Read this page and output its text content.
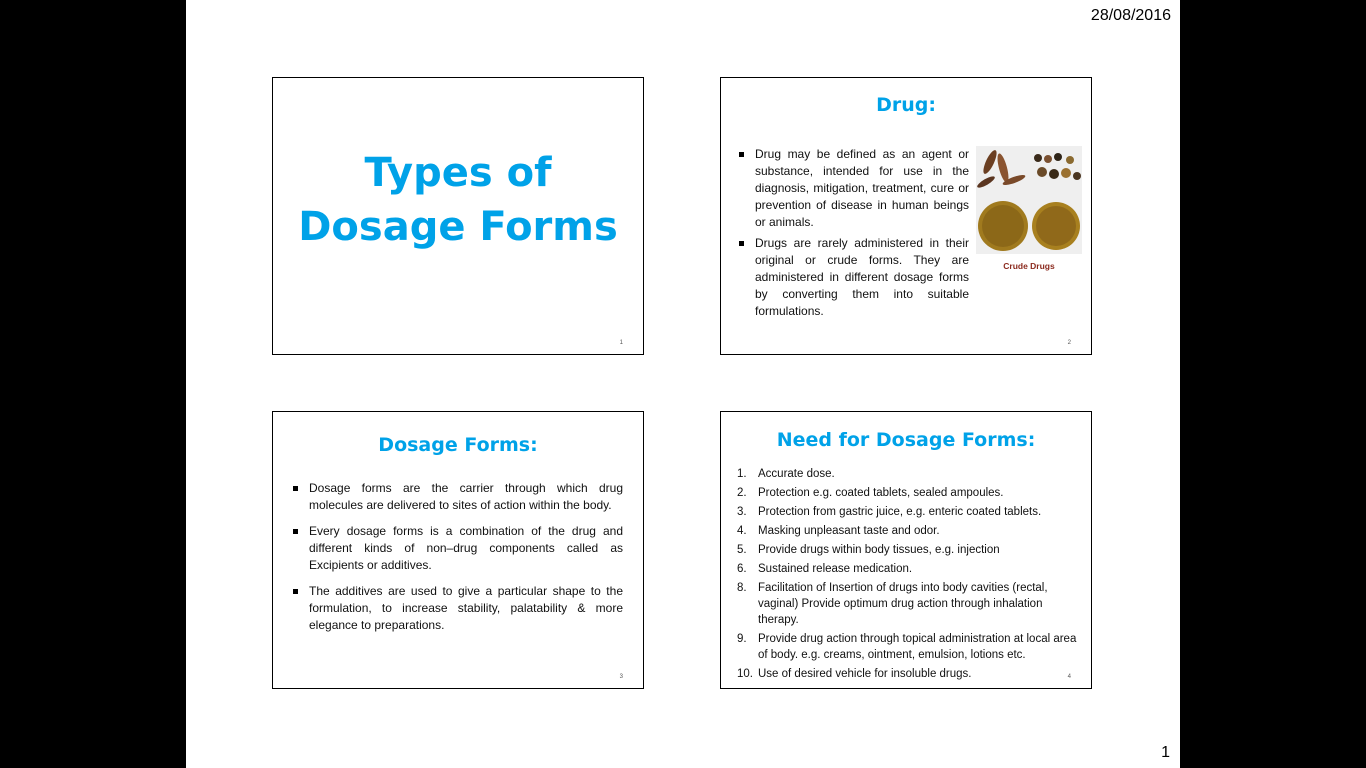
28/08/2016
Types of
Dosage Forms
1
Drug:
Drug may be defined as an agent or substance, intended for use in the diagnosis, mitigation, treatment, cure or prevention of disease in human beings or animals.
Drugs are rarely administered in their original or crude forms. They are administered in different dosage forms by converting them into suitable formulations.
Crude Drugs
2
Dosage Forms:
Dosage forms are the carrier through which drug molecules are delivered to sites of action within the body.
Every dosage forms is a combination of the drug and different kinds of non–drug components called as Excipients or additives.
The additives are used to give a particular shape to the formulation, to increase stability, palatability & more elegance to preparations.
3
Need for Dosage Forms:
1. Accurate dose.
2. Protection e.g. coated tablets, sealed ampoules.
3. Protection from gastric juice, e.g. enteric coated tablets.
4. Masking unpleasant taste and odor.
5. Provide drugs within body tissues, e.g. injection
6. Sustained release medication.
8. Facilitation of Insertion of drugs into body cavities (rectal, vaginal) Provide optimum drug action through inhalation therapy.
9. Provide drug action through topical administration at local area of body. e.g. creams, ointment, emulsion, lotions etc.
10. Use of desired vehicle for insoluble drugs.	4
1
